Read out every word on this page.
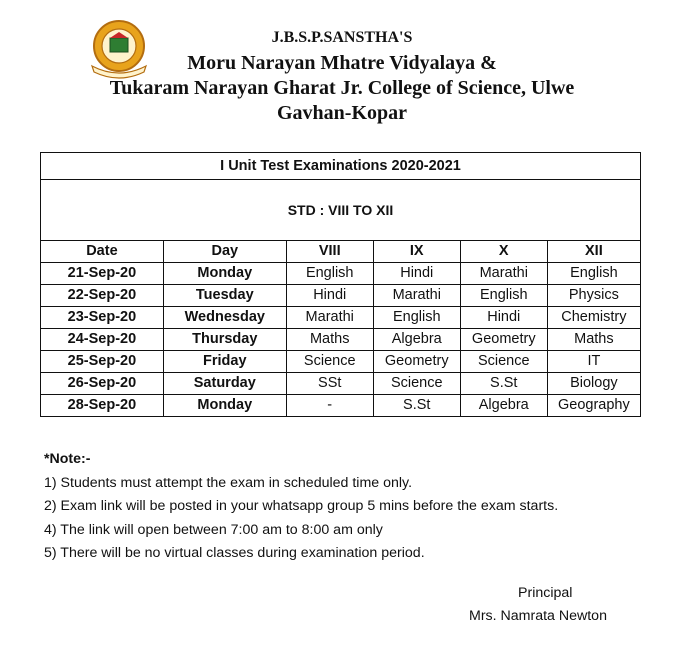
J.B.S.P.SANSTHA'S
Moru Narayan Mhatre Vidyalaya &
Tukaram Narayan Gharat Jr. College of Science, Ulwe
Gavhan-Kopar
I Unit Test Examinations 2020-2021					
STD : VIII TO XII					
Date	Day	VIII	IX	X	XII
21-Sep-20	Monday	English	Hindi	Marathi	English
22-Sep-20	Tuesday	Hindi	Marathi	English	Physics
23-Sep-20	Wednesday	Marathi	English	Hindi	Chemistry
24-Sep-20	Thursday	Maths	Algebra	Geometry	Maths
25-Sep-20	Friday	Science	Geometry	Science	IT
26-Sep-20	Saturday	SSt	Science	S.St	Biology
28-Sep-20	Monday	-	S.St	Algebra	Geography
*Note:-
1) Students must attempt the exam in scheduled time only.
2) Exam link will be posted in your whatsapp group 5 mins before the exam starts.
4) The link will open between 7:00 am to 8:00 am only
5) There will be no virtual classes during examination period.
Principal
Mrs. Namrata Newton
